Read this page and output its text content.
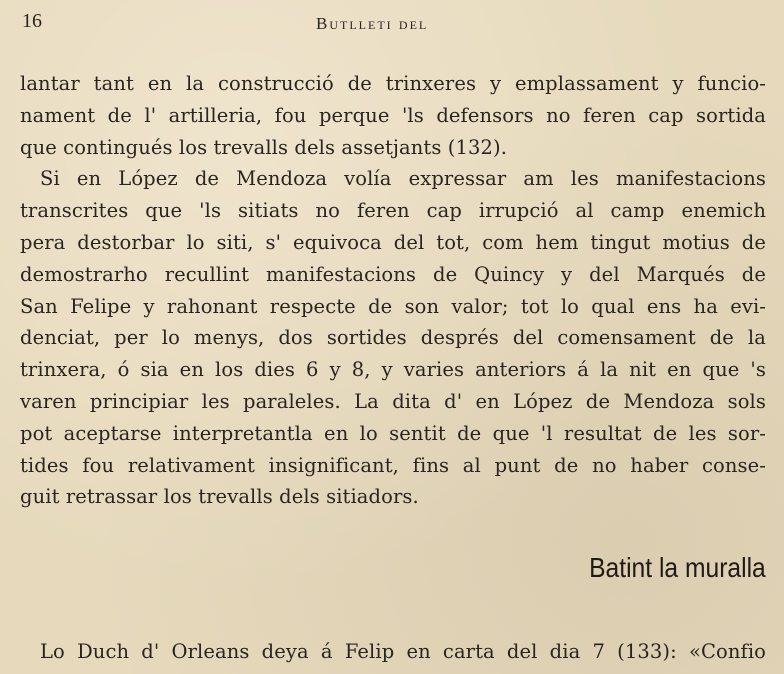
16	Butlleti del
lantar tant en la construcció de trinxeres y emplassament y funcio-
nament de l' artilleria, fou perque 'ls defensors no feren cap sortida
que contingués los trevalls dels assetjants (132).
Si en López de Mendoza volía expressar am les manifestacions
transcrites que 'ls sitiats no feren cap irrupció al camp enemich
pera destorbar lo siti, s' equivoca del tot, com hem tingut motius de
demostrarho recullint manifestacions de Quincy y del Marqués de
San Felipe y rahonant respecte de son valor; tot lo qual ens ha evi-
denciat, per lo menys, dos sortides després del comensament de la
trinxera, ó sia en los dies 6 y 8, y varies anteriors á la nit en que 's
varen principiar les paraleles. La dita d' en López de Mendoza sols
pot aceptarse interpretantla en lo sentit de que 'l resultat de les sor-
tides fou relativament insignificant, fins al punt de no haber conse-
guit retrassar los trevalls dels sitiadors.
Batint la muralla
Lo Duch d' Orleans deya á Felip en carta del dia 7 (133): «Confio
